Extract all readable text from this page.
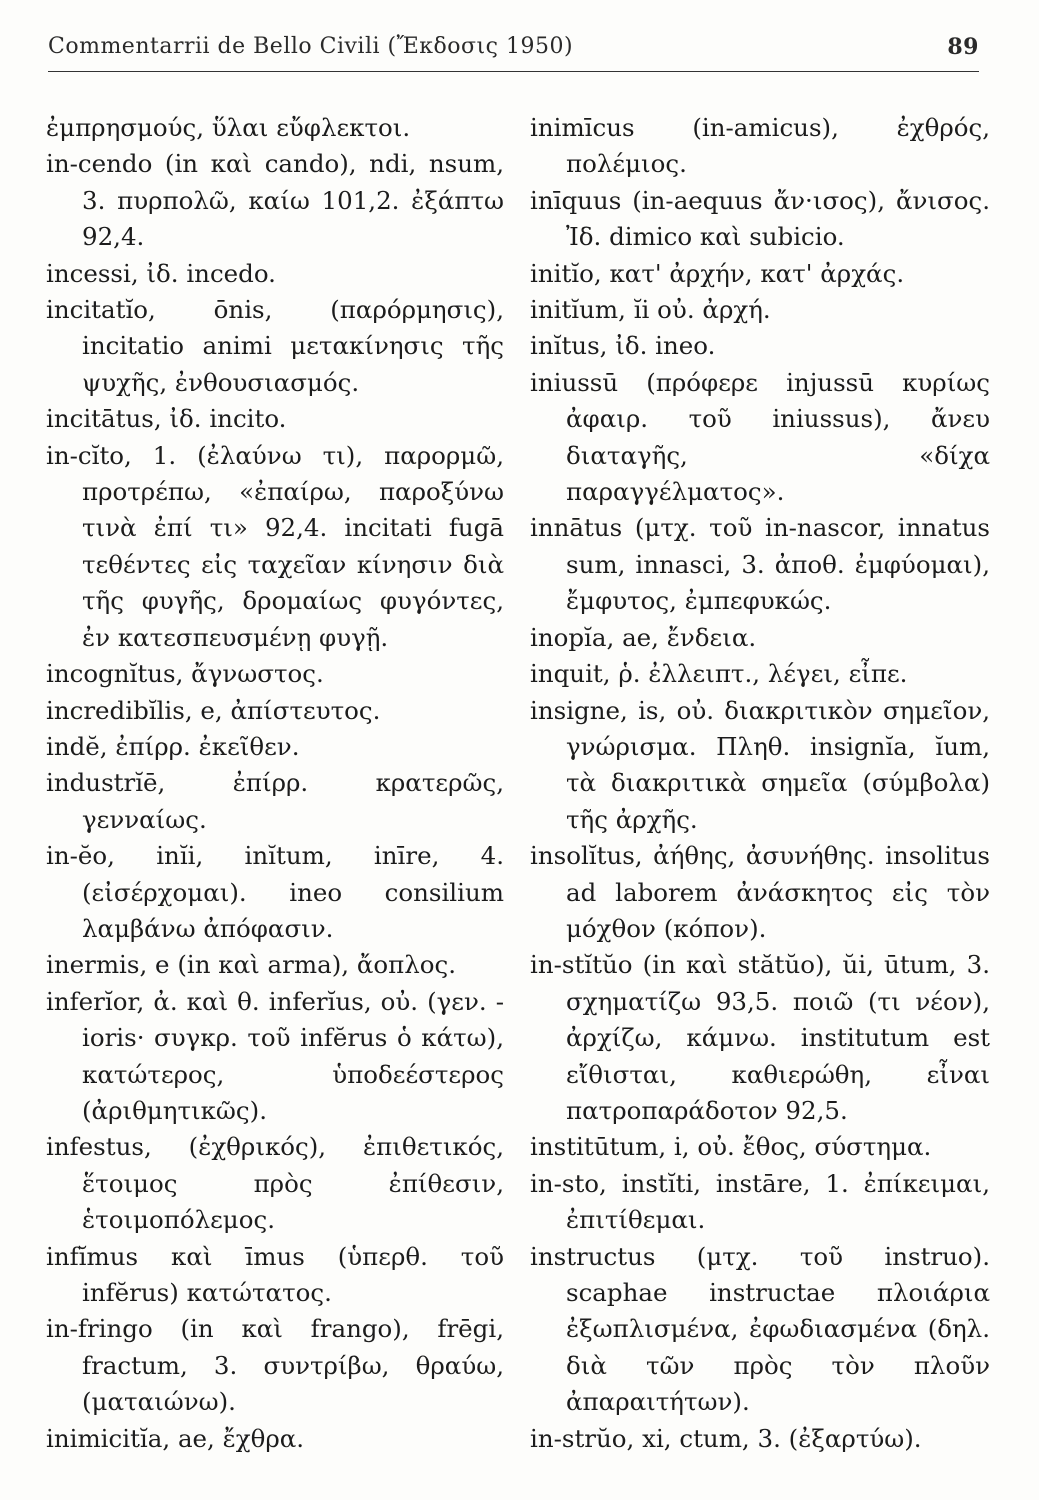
Commentarrii de Bello Civili (Ἔκδοσις 1950)	89

ἐμπρησμούς, ὕλαι εὔφλεκτοι.

in-cendo (in καὶ cando), ndi, nsum, 3. πυρπολῶ, καίω 101,2. ἐξάπτω 92,4.

incessi, ἰδ. incedo.

incitatĭo, ōnis, (παρόρμησις), incitatio animi μετακίνησις τῆς ψυχῆς, ἐνθουσιασμός.

incitātus, ἰδ. incito.

in-cĭto, 1. (ἐλαύνω τι), παρορμῶ, προτρέπω, «ἐπαίρω, παροξύνω τινὰ ἐπί τι» 92,4. incitati fugā τεθέντες εἰς ταχεῖαν κίνησιν διὰ τῆς φυγῆς, δρομαίως φυγόντες, ἐν κατεσπευσμένῃ φυγῇ.

incognĭtus, ἄγνωστος.

incredibĭlis, e, ἀπίστευτος.

indĕ, ἐπίρρ. ἐκεῖθεν.

industrĭē, ἐπίρρ. κρατερῶς, γενναίως.

in-ĕo, inĭi, inĭtum, inīre, 4. (εἰσέρχομαι). ineo consilium λαμβάνω ἀπόφασιν.

inermis, e (in καὶ arma), ἄοπλος.

inferĭor, ἀ. καὶ θ. inferĭus, οὐ. (γεν. -ioris· συγκρ. τοῦ infĕrus ὁ κάτω), κατώτερος, ὑποδεέστερος (ἀριθμητικῶς).

infestus, (ἐχθρικός), ἐπιθετικός, ἕτοιμος πρὸς ἐπίθεσιν, ἑτοιμοπόλεμος.

infĭmus καὶ īmus (ὑπερθ. τοῦ infĕrus) κατώτατος.

in-fringo (in καὶ frango), frēgi, fractum, 3. συντρίβω, θραύω, (ματαιώνω).

inimicitĭa, ae, ἔχθρα.

inimīcus (in-amicus), ἐχθρός, πολέμιος.

inīquus (in-aequus ἄν·ισος), ἄνισος. Ἰδ. dimico καὶ subicio.

initĭo, κατ' ἀρχήν, κατ' ἀρχάς.

initĭum, ĭi οὐ. ἀρχή.

inĭtus, ἰδ. ineo.

iniussū (πρόφερε injussū κυρίως ἀφαιρ. τοῦ iniussus), ἄνευ διαταγῆς, «δίχα παραγγέλματος».

innātus (μτχ. τοῦ in-nascor, innatus sum, innasci, 3. ἀποθ. ἐμφύομαι), ἔμφυτος, ἐμπεφυκώς.

inopĭa, ae, ἔνδεια.

inquit, ῥ. ἐλλειπτ., λέγει, εἶπε.

insigne, is, οὐ. διακριτικὸν σημεῖον, γνώρισμα. Πληθ. insignĭa, ĭum, τὰ διακριτικὰ σημεῖα (σύμβολα) τῆς ἀρχῆς.

insolĭtus, ἀήθης, ἀσυνήθης. insolitus ad laborem ἀνάσκητος εἰς τὸν μόχθον (κόπον).

in-stĭtŭo (in καὶ stătŭo), ŭi, ūtum, 3. σχηματίζω 93,5. ποιῶ (τι νέον), ἀρχίζω, κάμνω. institutum est εἴθισται, καθιερώθη, εἶναι πατροπαράδοτον 92,5.

institūtum, i, οὐ. ἔθος, σύστημα.

in-sto, instĭti, instāre, 1. ἐπίκειμαι, ἐπιτίθεμαι.

instructus (μτχ. τοῦ instruo). scaphae instructae πλοιάρια ἐξωπλισμένα, ἐφωδιασμένα (δηλ. διὰ τῶν πρὸς τὸν πλοῦν ἀπαραιτήτων).

in-strŭo, xi, ctum, 3. (ἐξαρτύω).
